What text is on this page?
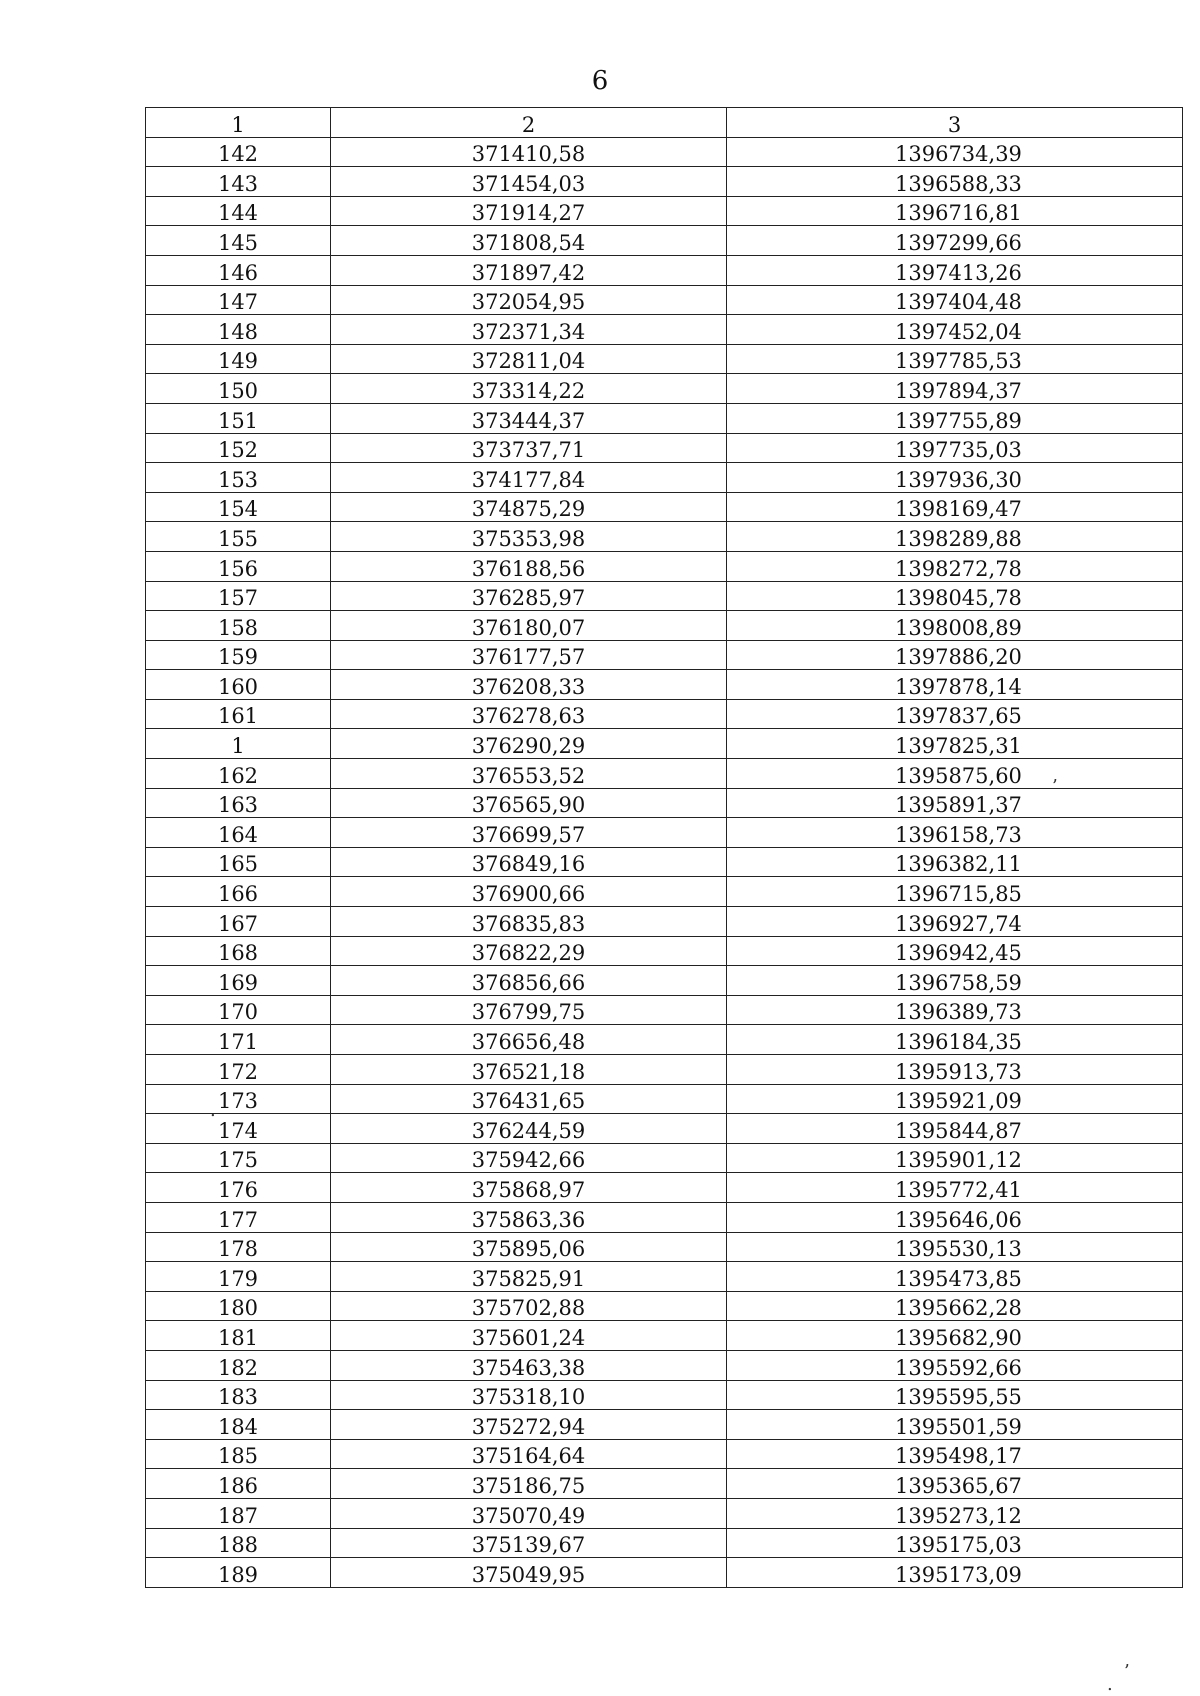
6
1	2	3
142	371410,58	1396734,39
143	371454,03	1396588,33
144	371914,27	1396716,81
145	371808,54	1397299,66
146	371897,42	1397413,26
147	372054,95	1397404,48
148	372371,34	1397452,04
149	372811,04	1397785,53
150	373314,22	1397894,37
151	373444,37	1397755,89
152	373737,71	1397735,03
153	374177,84	1397936,30
154	374875,29	1398169,47
155	375353,98	1398289,88
156	376188,56	1398272,78
157	376285,97	1398045,78
158	376180,07	1398008,89
159	376177,57	1397886,20
160	376208,33	1397878,14
161	376278,63	1397837,65
1	376290,29	1397825,31
162	376553,52	1395875,60
163	376565,90	1395891,37
164	376699,57	1396158,73
165	376849,16	1396382,11
166	376900,66	1396715,85
167	376835,83	1396927,74
168	376822,29	1396942,45
169	376856,66	1396758,59
170	376799,75	1396389,73
171	376656,48	1396184,35
172	376521,18	1395913,73
173	376431,65	1395921,09
174	376244,59	1395844,87
175	375942,66	1395901,12
176	375868,97	1395772,41
177	375863,36	1395646,06
178	375895,06	1395530,13
179	375825,91	1395473,85
180	375702,88	1395662,28
181	375601,24	1395682,90
182	375463,38	1395592,66
183	375318,10	1395595,55
184	375272,94	1395501,59
185	375164,64	1395498,17
186	375186,75	1395365,67
187	375070,49	1395273,12
188	375139,67	1395175,03
189	375049,95	1395173,09
’
.
.
’
